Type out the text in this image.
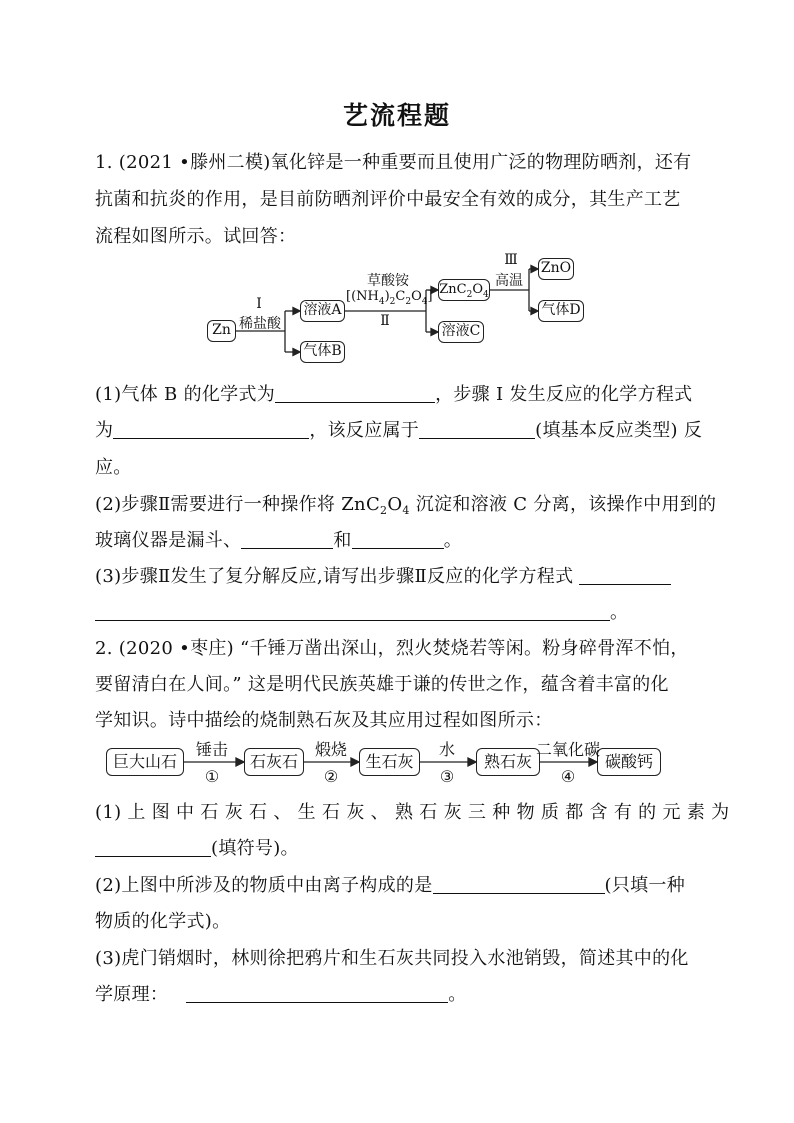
艺流程题
1. (2021 •滕州二模)氧化锌是一种重要而且使用广泛的物理防晒剂，还有
抗菌和抗炎的作用，是目前防晒剂评价中最安全有效的成分，其生产工艺
流程如图所示。试回答：
Zn
Ⅰ
稀盐酸
溶液A
气体B
草酸铵
$[(NH_4)_2C_2O_4]$
Ⅱ
$ZnC_2O_4$
溶液C
Ⅲ
高温
ZnO
气体D
(1)气体 B 的化学式为	，步骤 Ⅰ 发生反应的化学方程式
为	，该反应属于	(填基本反应类型) 反
应。
(2)步骤Ⅱ需要进行一种操作将 $ZnC_2O_4$ 沉淀和溶液 C 分离，该操作中用到的
玻璃仪器是漏斗、	和	。
(3)步骤Ⅱ发生了复分解反应,请写出步骤Ⅱ反应的化学方程式
。
2. (2020 •枣庄) “千锤万凿出深山，烈火焚烧若等闲。粉身碎骨浑不怕，
要留清白在人间。” 这是明代民族英雄于谦的传世之作，蕴含着丰富的化
学知识。诗中描绘的烧制熟石灰及其应用过程如图所示：
巨大山石	石灰石	生石灰	熟石灰	碳酸钙
锤击
①
煅烧
②
水
③
二氧化碳
④
(1) 上 图 中 石 灰 石 、 生 石 灰 、 熟 石 灰 三 种 物 质 都 含 有 的 元 素 为
(填符号)。
(2)上图中所涉及的物质中由离子构成的是	(只填一种
物质的化学式)。
(3)虎门销烟时，林则徐把鸦片和生石灰共同投入水池销毁，简述其中的化
学原理：	。
